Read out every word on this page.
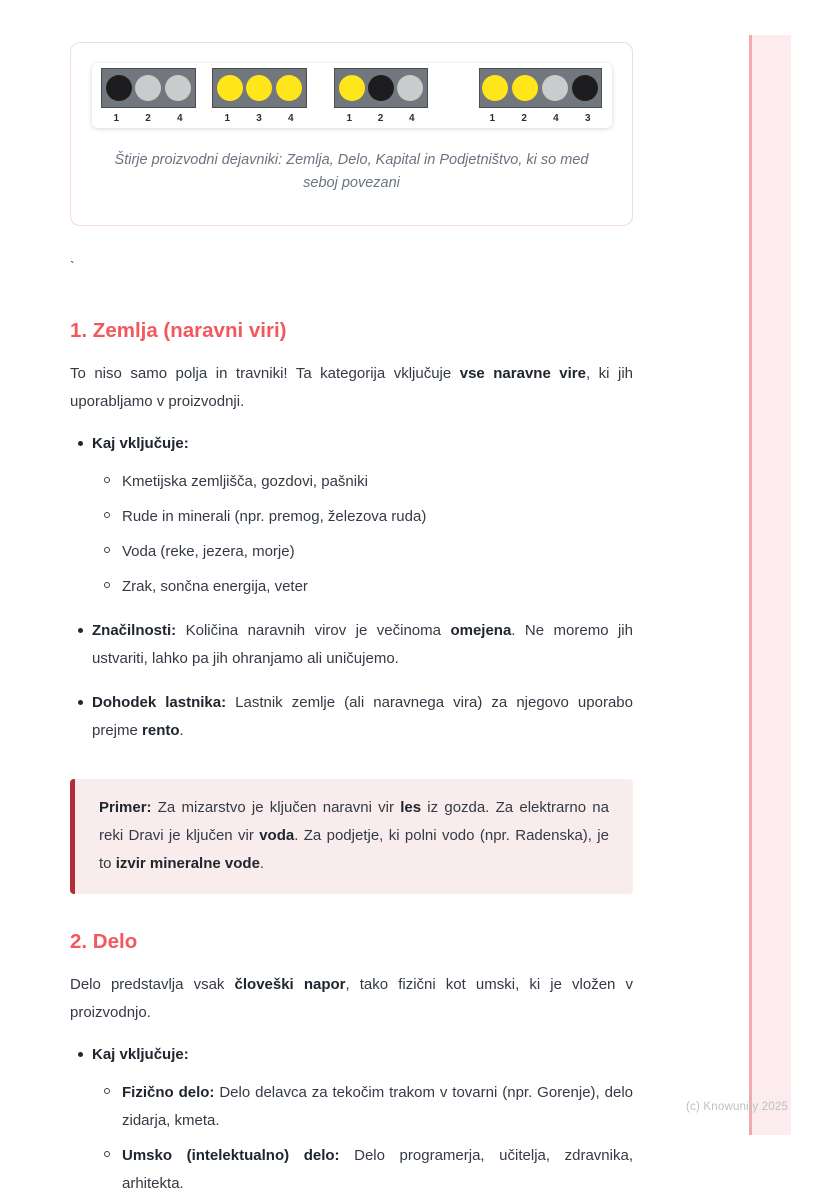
(c) Knowunity 2025
1	2	4	1	3	4	1	2	4	1	2	4	3
Štirje proizvodni dejavniki: Zemlja, Delo, Kapital in Podjetništvo, ki so med seboj povezani
`
1. Zemlja (naravni viri)

To niso samo polja in travniki! Ta kategorija vključuje vse naravne vire, ki jih uporabljamo v proizvodnji.

Kaj vključuje:
Kmetijska zemljišča, gozdovi, pašniki
Rude in minerali (npr. premog, železova ruda)
Voda (reke, jezera, morje)
Zrak, sončna energija, veter
Značilnosti: Količina naravnih virov je večinoma omejena. Ne moremo jih ustvariti, lahko pa jih ohranjamo ali uničujemo.
Dohodek lastnika: Lastnik zemlje (ali naravnega vira) za njegovo uporabo prejme rento.
Primer: Za mizarstvo je ključen naravni vir les iz gozda. Za elektrarno na reki Dravi je ključen vir voda. Za podjetje, ki polni vodo (npr. Radenska), je to izvir mineralne vode.
2. Delo

Delo predstavlja vsak človeški napor, tako fizični kot umski, ki je vložen v proizvodnjo.

Kaj vključuje:
Fizično delo: Delo delavca za tekočim trakom v tovarni (npr. Gorenje), delo zidarja, kmeta.
Umsko (intelektualno) delo: Delo programerja, učitelja, zdravnika, arhitekta.
